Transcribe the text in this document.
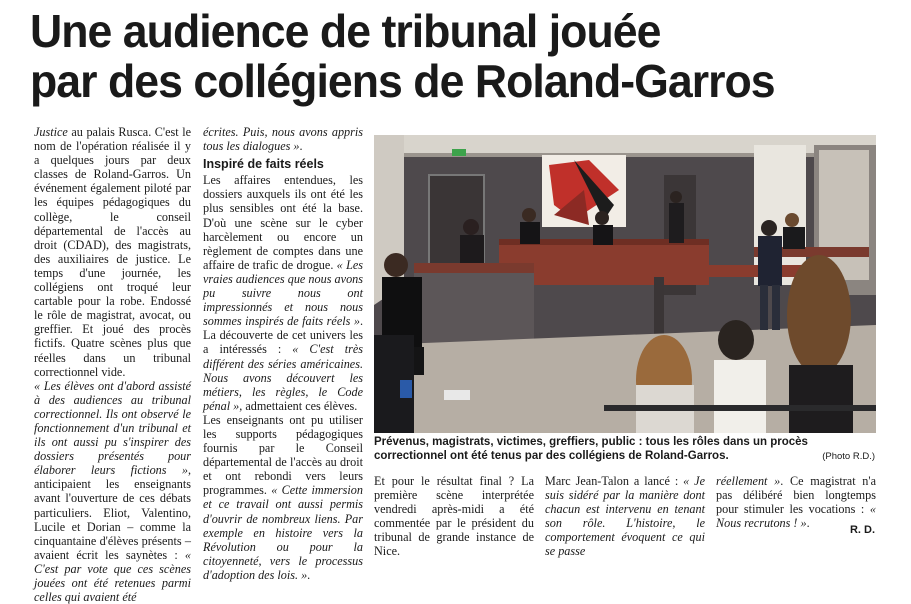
Une audience de tribunal jouée
par des collégiens de Roland-Garros

Justice au palais Rusca. C'est le nom de l'opération réalisée il y a quelques jours par deux classes de Roland-Garros. Un événement également piloté par les équipes pédagogiques du collège, le conseil départemental de l'accès au droit (CDAD), des magistrats, des auxiliaires de justice. Le temps d'une journée, les collégiens ont troqué leur cartable pour la robe. Endossé le rôle de magistrat, avocat, ou greffier. Et joué des procès fictifs. Quatre scènes plus que réelles dans un tribunal correctionnel vide.

« Les élèves ont d'abord assisté à des audiences au tribunal correctionnel. Ils ont observé le fonctionnement d'un tribunal et ils ont aussi pu s'inspirer des dossiers présentés pour élaborer leurs fictions », anticipaient les enseignants avant l'ouverture de ces débats particuliers. Eliot, Valentino, Lucile et Dorian – comme la cinquantaine d'élèves présents – avaient écrit les saynètes : « C'est par vote que ces scènes jouées ont été retenues parmi celles qui avaient été

écrites. Puis, nous avons appris tous les dialogues ».

Inspiré de faits réels

Les affaires entendues, les dossiers auxquels ils ont été les plus sensibles ont été la base. D'où une scène sur le cyber harcèlement ou encore un règlement de comptes dans une affaire de trafic de drogue. « Les vraies audiences que nous avons pu suivre nous ont impressionnés et nous nous sommes inspirés de faits réels ». La découverte de cet univers les a intéressés : « C'est très différent des séries américaines. Nous avons découvert les métiers, les règles, le Code pénal », admettaient ces élèves.

Les enseignants ont pu utiliser les supports pédagogiques fournis par le Conseil départemental de l'accès au droit et ont rebondi vers leurs programmes. « Cette immersion et ce travail ont aussi permis d'ouvrir de nombreux liens. Par exemple en histoire vers la Révolution ou pour la citoyenneté, vers le processus d'adoption des lois. ».

Prévenus, magistrats, victimes, greffiers, public : tous les rôles dans un procès correctionnel ont été tenus par des collégiens de Roland-Garros.	(Photo R.D.)

Et pour le résultat final ? La première scène interprétée vendredi après-midi a été commentée par le président du tribunal de grande instance de Nice.

Marc Jean-Talon a lancé : « Je suis sidéré par la manière dont chacun est intervenu en tenant son rôle. L'histoire, le comportement évoquent ce qui se passe

réellement ». Ce magistrat n'a pas délibéré bien longtemps pour stimuler les vocations : « Nous recrutons ! ».	R. D.
